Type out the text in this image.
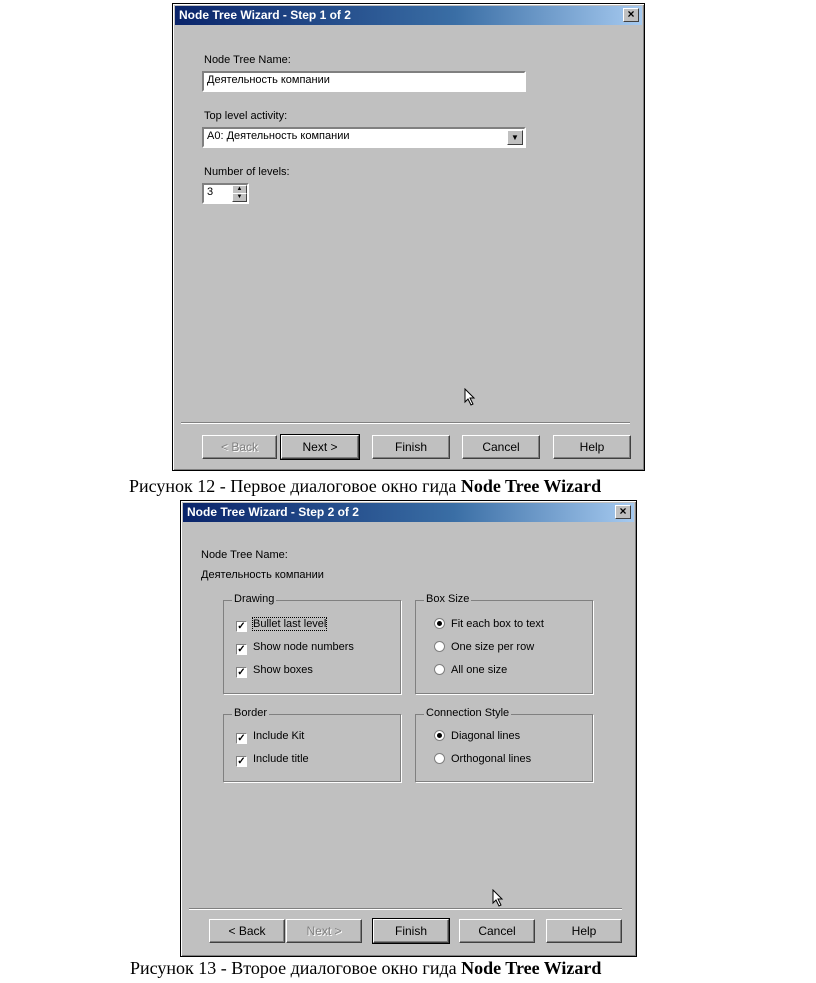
Node Tree Wizard - Step 1 of 2	×
Node Tree Name:
Деятельность компании
Top level activity:
А0: Деятельность компании	▼
Number of levels:
3	▲
▼
< Back	Next >	Finish	Cancel	Help
Рисунок 12 - Первое диалоговое окно гида Node Tree Wizard
Node Tree Wizard - Step 2 of 2	×
Node Tree Name:
Деятельность компании
Drawing
✓ Bullet last level
✓ Show node numbers
✓ Show boxes
Box Size
Fit each box to text
One size per row
All one size
Border
✓ Include Kit
✓ Include title
Connection Style
Diagonal lines
Orthogonal lines
< Back	Next >	Finish	Cancel	Help
Рисунок 13 - Второе диалоговое окно гида Node Tree Wizard
